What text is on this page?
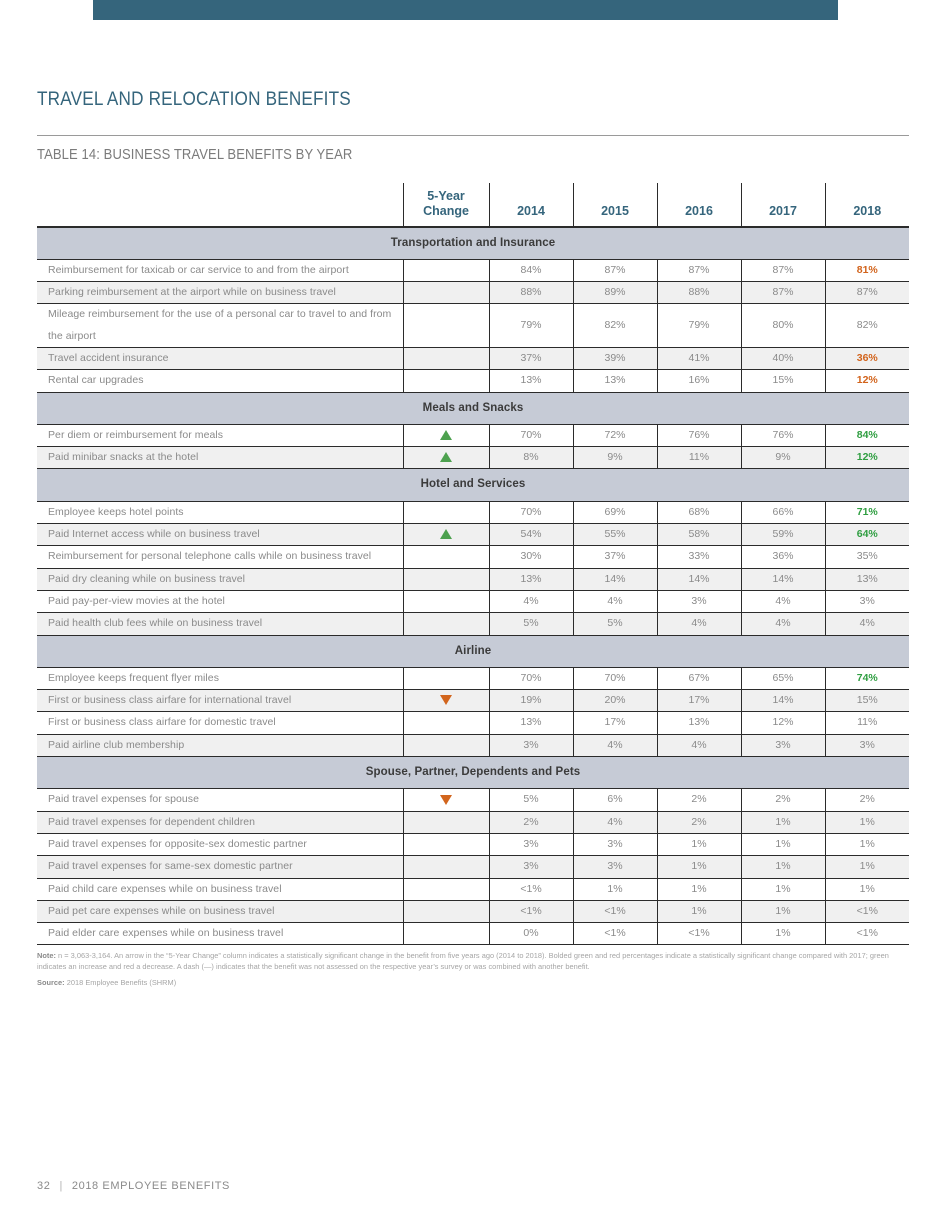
TRAVEL AND RELOCATION BENEFITS
TABLE 14: BUSINESS TRAVEL BENEFITS BY YEAR
	5-Year
Change	2014	2015	2016	2017	2018
Transportation and Insurance						
Reimbursement for taxicab or car service to and from the airport		84%	87%	87%	87%	81%
Parking reimbursement at the airport while on business travel		88%	89%	88%	87%	87%
Mileage reimbursement for the use of a personal car to travel to and from the airport		79%	82%	79%	80%	82%
Travel accident insurance		37%	39%	41%	40%	36%
Rental car upgrades		13%	13%	16%	15%	12%
Meals and Snacks						
Per diem or reimbursement for meals		70%	72%	76%	76%	84%
Paid minibar snacks at the hotel		8%	9%	11%	9%	12%
Hotel and Services						
Employee keeps hotel points		70%	69%	68%	66%	71%
Paid Internet access while on business travel		54%	55%	58%	59%	64%
Reimbursement for personal telephone calls while on business travel		30%	37%	33%	36%	35%
Paid dry cleaning while on business travel		13%	14%	14%	14%	13%
Paid pay-per-view movies at the hotel		4%	4%	3%	4%	3%
Paid health club fees while on business travel		5%	5%	4%	4%	4%
Airline						
Employee keeps frequent flyer miles		70%	70%	67%	65%	74%
First or business class airfare for international travel		19%	20%	17%	14%	15%
First or business class airfare for domestic travel		13%	17%	13%	12%	11%
Paid airline club membership		3%	4%	4%	3%	3%
Spouse, Partner, Dependents and Pets						
Paid travel expenses for spouse		5%	6%	2%	2%	2%
Paid travel expenses for dependent children		2%	4%	2%	1%	1%
Paid travel expenses for opposite-sex domestic partner		3%	3%	1%	1%	1%
Paid travel expenses for same-sex domestic partner		3%	3%	1%	1%	1%
Paid child care expenses while on business travel		<1%	1%	1%	1%	1%
Paid pet care expenses while on business travel		<1%	<1%	1%	1%	<1%
Paid elder care expenses while on business travel		0%	<1%	<1%	1%	<1%
Note: n = 3,063-3,164. An arrow in the “5-Year Change” column indicates a statistically significant change in the benefit from five years ago (2014 to 2018). Bolded green and red percentages indicate a statistically significant change compared with 2017; green indicates an increase and red a decrease. A dash (—) indicates that the benefit was not assessed on the respective year’s survey or was combined with another benefit.
Source: 2018 Employee Benefits (SHRM)
32 | 2018 EMPLOYEE BENEFITS
